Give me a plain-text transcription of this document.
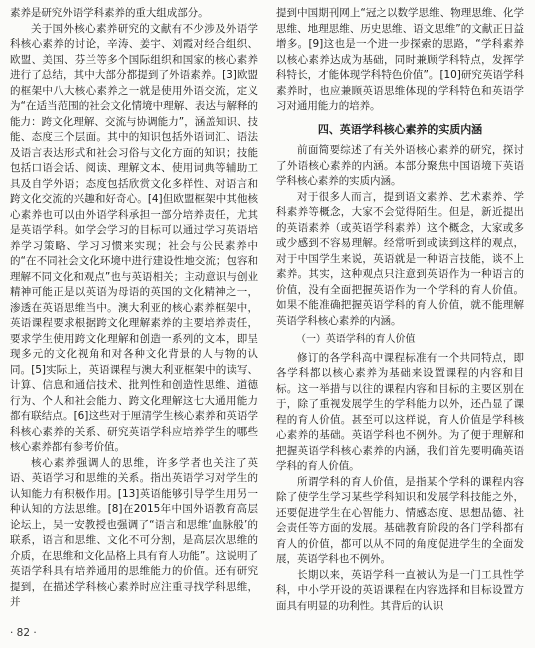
素养是研究外语学科素养的重大组成部分。

关于国外核心素养研究的文献有不少涉及外语学科核心素养的讨论，辛涛、姜宇、刘霞对经合组织、欧盟、美国、芬兰等多个国际组织和国家的核心素养进行了总结，其中大部分都提到了外语素养。[3]欧盟的框架中八大核心素养之一就是使用外语交流，定义为“在适当范围的社会文化情境中理解、表达与解释的能力：跨文化理解、交流与协调能力”，涵盖知识、技能、态度三个层面。其中的知识包括外语词汇、语法及语言表达形式和社会习俗与文化方面的知识；技能包括口语会话、阅读、理解文本、使用词典等辅助工具及自学外语；态度包括欣赏文化多样性、对语言和跨文化交流的兴趣和好奇心。[4]但欧盟框架中其他核心素养也可以由外语学科承担一部分培养责任，尤其是英语学科。如学会学习的目标可以通过学习英语培养学习策略、学习习惯来实现；社会与公民素养中的“在不同社会文化环境中进行建设性地交流；包容和理解不同文化和观点”也与英语相关；主动意识与创业精神可能正是以英语为母语的英国的文化精神之一，渗透在英语思维当中。澳大利亚的核心素养框架中，英语课程要求根据跨文化理解素养的主要培养责任，要求学生使用跨文化理解和创造一系列的文本，即呈现多元的文化视角和对各种文化背景的人与物的认同。[5]实际上，英语课程与澳大利亚框架中的读写、计算、信息和通信技术、批判性和创造性思维、道德行为、个人和社会能力、跨文化理解这七大通用能力都有联结点。[6]这些对于厘清学生核心素养和英语学科核心素养的关系、研究英语学科应培养学生的哪些核心素养都有参考价值。

核心素养强调人的思维，许多学者也关注了英语、英语学习和思维的关系。指出英语学习对学生的认知能力有积极作用。[13]英语能够引导学生用另一种认知的方法思维。[8]在2015年中国外语教育高层论坛上，吴一安教授也强调了“语言和思维‘血脉般’的联系，语言和思维、文化不可分割，是高层次思维的介质，在思维和文化品格上具有育人功能”。这说明了英语学科具有培养通用的思维能力的价值。还有研究提到，在描述学科核心素养时应注重寻找学科思维，并

提到中国期刊网上“冠之以数学思维、物理思维、化学思维、地理思维、历史思维、语文思维”的文献正日益增多。[9]这也是一个进一步探索的思路，“学科素养以核心素养达成为基础，同时兼顾学科特点，发挥学科特长，才能体现学科特色价值”。[10]研究英语学科素养时，也应兼顾英语思维体现的学科特色和英语学习对通用能力的培养。

四、英语学科核心素养的实质内涵

前面简要综述了有关外语核心素养的研究，探讨了外语核心素养的内涵。本部分聚焦中国语境下英语学科核心素养的实质内涵。

对于很多人而言，提到语文素养、艺术素养、学科素养等概念，大家不会觉得陌生。但是，新近提出的英语素养（或英语学科素养）这个概念，大家或多或少感到不容易理解。经常听到或读到这样的观点，对于中国学生来说，英语就是一种语言技能，谈不上素养。其实，这种观点只注意到英语作为一种语言的价值，没有全面把握英语作为一个学科的育人价值。如果不能准确把握英语学科的育人价值，就不能理解英语学科核心素养的内涵。

（一）英语学科的育人价值

修订的各学科高中课程标准有一个共同特点，即各学科都以核心素养为基础来设置课程的内容和目标。这一举措与以往的课程内容和目标的主要区别在于，除了重视发展学生的学科能力以外，还凸显了课程的育人价值。甚至可以这样说，育人价值是学科核心素养的基础。英语学科也不例外。为了便于理解和把握英语学科核心素养的内涵，我们首先要明确英语学科的育人价值。

所谓学科的育人价值，是指某个学科的课程内容除了使学生学习某些学科知识和发展学科技能之外，还要促进学生在心智能力、情感态度、思想品德、社会责任等方面的发展。基础教育阶段的各门学科都有育人的价值，都可以从不同的角度促进学生的全面发展，英语学科也不例外。

长期以来，英语学科一直被认为是一门工具性学科，中小学开设的英语课程在内容选择和目标设置方面具有明显的功利性。其背后的认识

· 82 ·
